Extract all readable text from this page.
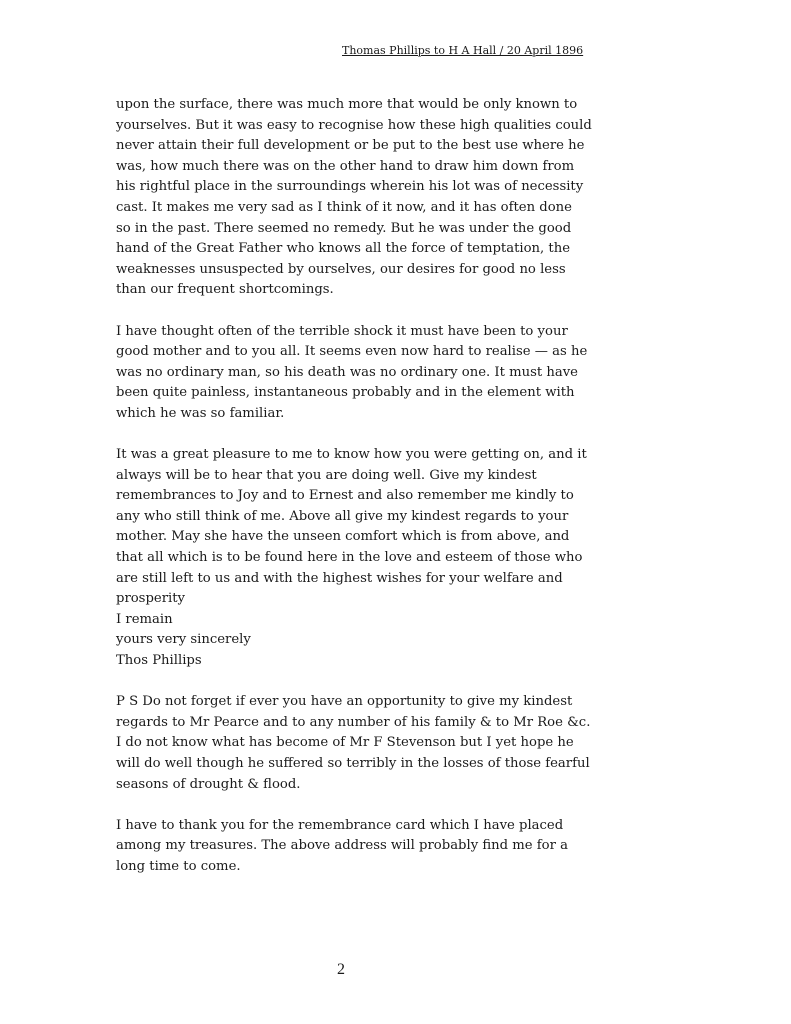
Thomas Phillips to H A Hall / 20 April 1896
upon the surface, there was much more that would be only known to
yourselves. But it was easy to recognise how these high qualities could
never attain their full development or be put to the best use where he
was, how much there was on the other hand to draw him down from
his rightful place in the surroundings wherein his lot was of necessity
cast. It makes me very sad as I think of it now, and it has often done
so in the past. There seemed no remedy. But he was under the good
hand of the Great Father who knows all the force of temptation, the
weaknesses unsuspected by ourselves, our desires for good no less
than our frequent shortcomings.
I have thought often of the terrible shock it must have been to your
good mother and to you all. It seems even now hard to realise — as he
was no ordinary man, so his death was no ordinary one. It must have
been quite painless, instantaneous probably and in the element with
which he was so familiar.
It was a great pleasure to me to know how you were getting on, and it
always will be to hear that you are doing well. Give my kindest
remembrances to Joy and to Ernest and also remember me kindly to
any who still think of me. Above all give my kindest regards to your
mother. May she have the unseen comfort which is from above, and
that all which is to be found here in the love and esteem of those who
are still left to us and with the highest wishes for your welfare and
prosperity
I remain
yours very sincerely
Thos Phillips
P S Do not forget if ever you have an opportunity to give my kindest
regards to Mr Pearce and to any number of his family & to Mr Roe &c.
I do not know what has become of Mr F Stevenson but I yet hope he
will do well though he suffered so terribly in the losses of those fearful
seasons of drought & flood.
I have to thank you for the remembrance card which I have placed
among my treasures. The above address will probably find me for a
long time to come.
2
